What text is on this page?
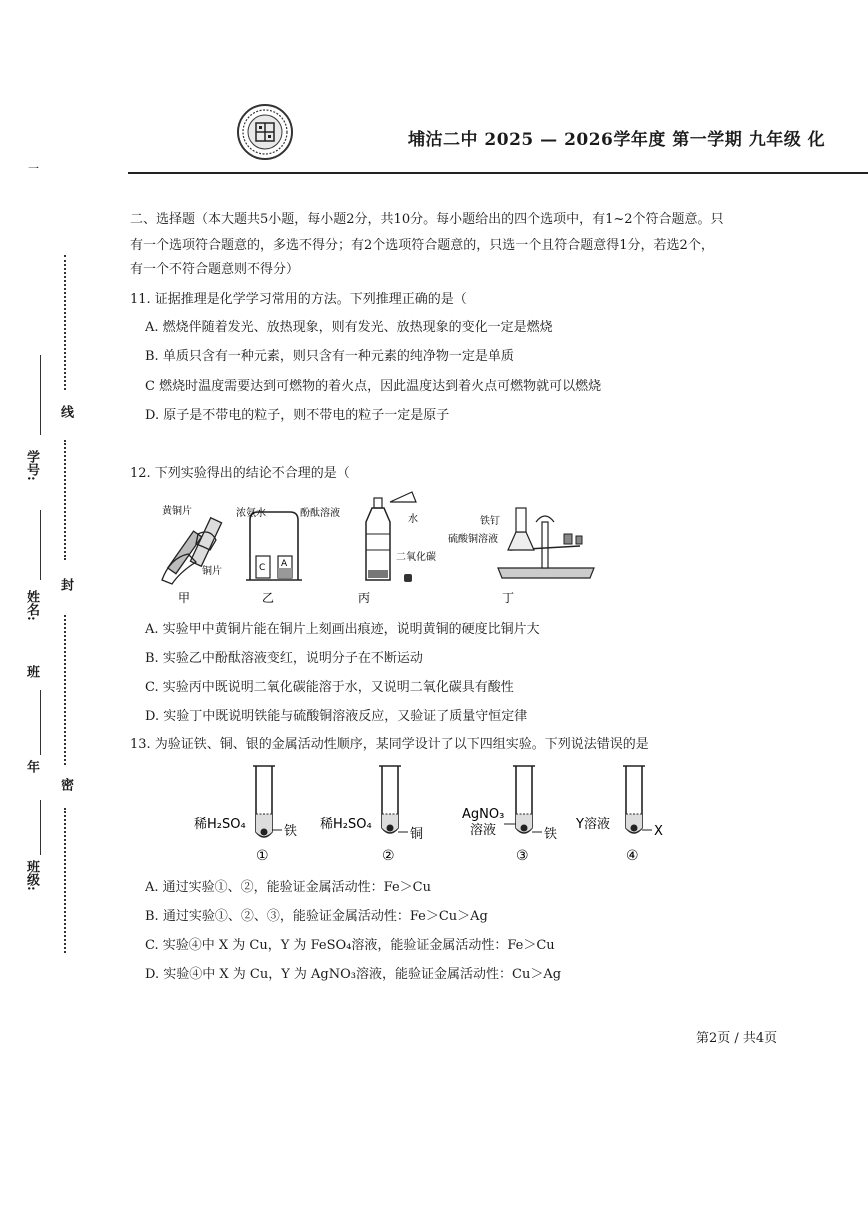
埔沽二中 2025 — 2026学年度 第一学期 九年级 化
一
线
封
密
学号:
姓名:
班
年
班级:
二、选择题（本大题共5小题，每小题2分，共10分。每小题给出的四个选项中，有1~2个符合题意。只
有一个选项符合题意的，多选不得分；有2个选项符合题意的，只选一个且符合题意得1分，若选2个，
有一个不符合题意则不得分）
11. 证据推理是化学学习常用的方法。下列推理正确的是（
A. 燃烧伴随着发光、放热现象，则有发光、放热现象的变化一定是燃烧
B. 单质只含有一种元素，则只含有一种元素的纯净物一定是单质
C 燃烧时温度需要达到可燃物的着火点，因此温度达到着火点可燃物就可以燃烧
D. 原子是不带电的粒子，则不带电的粒子一定是原子
12. 下列实验得出的结论不合理的是（
黄铜片
铜片
甲
浓氨水	酚酞溶液
C A
乙
水
二氧化碳
丙
铁钉
硫酸铜溶液
丁
A. 实验甲中黄铜片能在铜片上刻画出痕迹，说明黄铜的硬度比铜片大
B. 实验乙中酚酞溶液变红，说明分子在不断运动
C. 实验丙中既说明二氧化碳能溶于水，又说明二氧化碳具有酸性
D. 实验丁中既说明铁能与硫酸铜溶液反应，又验证了质量守恒定律
13. 为验证铁、铜、银的金属活动性顺序，某同学设计了以下四组实验。下列说法错误的是
稀H₂SO₄	铁
①
稀H₂SO₄
铜
②
AgNO₃
溶液	铁
③
Y溶液	X
④
A. 通过实验①、②，能验证金属活动性：Fe＞Cu
B. 通过实验①、②、③，能验证金属活动性：Fe＞Cu＞Ag
C. 实验④中 X 为 Cu，Y 为 FeSO₄溶液，能验证金属活动性：Fe＞Cu
D. 实验④中 X 为 Cu，Y 为 AgNO₃溶液，能验证金属活动性：Cu＞Ag
第2页 / 共4页
